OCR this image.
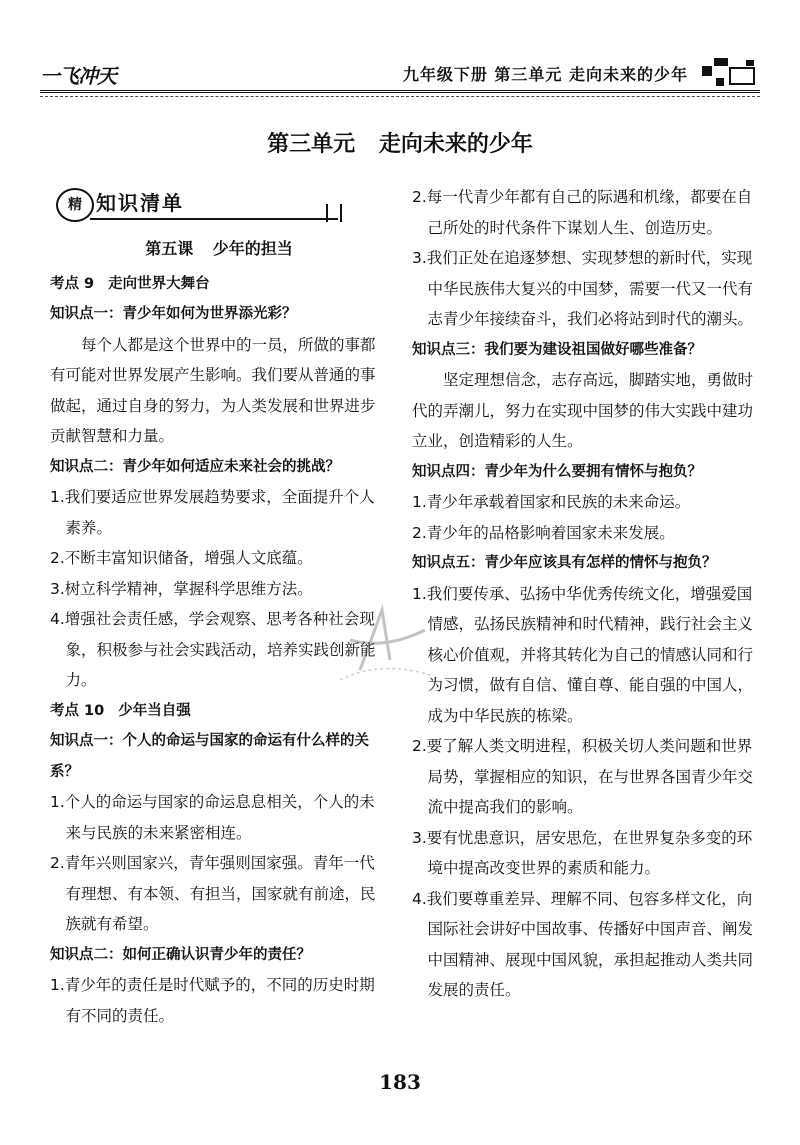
一飞冲天	九年级下册 第三单元 走向未来的少年
第三单元 走向未来的少年
精 知识清单
第五课 少年的担当
考点 9 走向世界大舞台
知识点一：青少年如何为世界添光彩？
每个人都是这个世界中的一员，所做的事都有可能对世界发展产生影响。我们要从普通的事做起，通过自身的努力，为人类发展和世界进步贡献智慧和力量。
知识点二：青少年如何适应未来社会的挑战？
1.我们要适应世界发展趋势要求，全面提升个人素养。
2.不断丰富知识储备，增强人文底蕴。
3.树立科学精神，掌握科学思维方法。
4.增强社会责任感，学会观察、思考各种社会现象，积极参与社会实践活动，培养实践创新能力。
考点 10 少年当自强
知识点一：个人的命运与国家的命运有什么样的关系？
1.个人的命运与国家的命运息息相关，个人的未来与民族的未来紧密相连。
2.青年兴则国家兴，青年强则国家强。青年一代有理想、有本领、有担当，国家就有前途，民族就有希望。
知识点二：如何正确认识青少年的责任？
1.青少年的责任是时代赋予的，不同的历史时期有不同的责任。
2.每一代青少年都有自己的际遇和机缘，都要在自己所处的时代条件下谋划人生、创造历史。
3.我们正处在追逐梦想、实现梦想的新时代，实现中华民族伟大复兴的中国梦，需要一代又一代有志青少年接续奋斗，我们必将站到时代的潮头。
知识点三：我们要为建设祖国做好哪些准备？
坚定理想信念，志存高远，脚踏实地，勇做时代的弄潮儿，努力在实现中国梦的伟大实践中建功立业，创造精彩的人生。
知识点四：青少年为什么要拥有情怀与抱负？
1.青少年承载着国家和民族的未来命运。
2.青少年的品格影响着国家未来发展。
知识点五：青少年应该具有怎样的情怀与抱负？
1.我们要传承、弘扬中华优秀传统文化，增强爱国情感，弘扬民族精神和时代精神，践行社会主义核心价值观，并将其转化为自己的情感认同和行为习惯，做有自信、懂自尊、能自强的中国人，成为中华民族的栋梁。
2.要了解人类文明进程，积极关切人类问题和世界局势，掌握相应的知识，在与世界各国青少年交流中提高我们的影响。
3.要有忧患意识，居安思危，在世界复杂多变的环境中提高改变世界的素质和能力。
4.我们要尊重差异、理解不同、包容多样文化，向国际社会讲好中国故事、传播好中国声音、阐发中国精神、展现中国风貌，承担起推动人类共同发展的责任。
183
